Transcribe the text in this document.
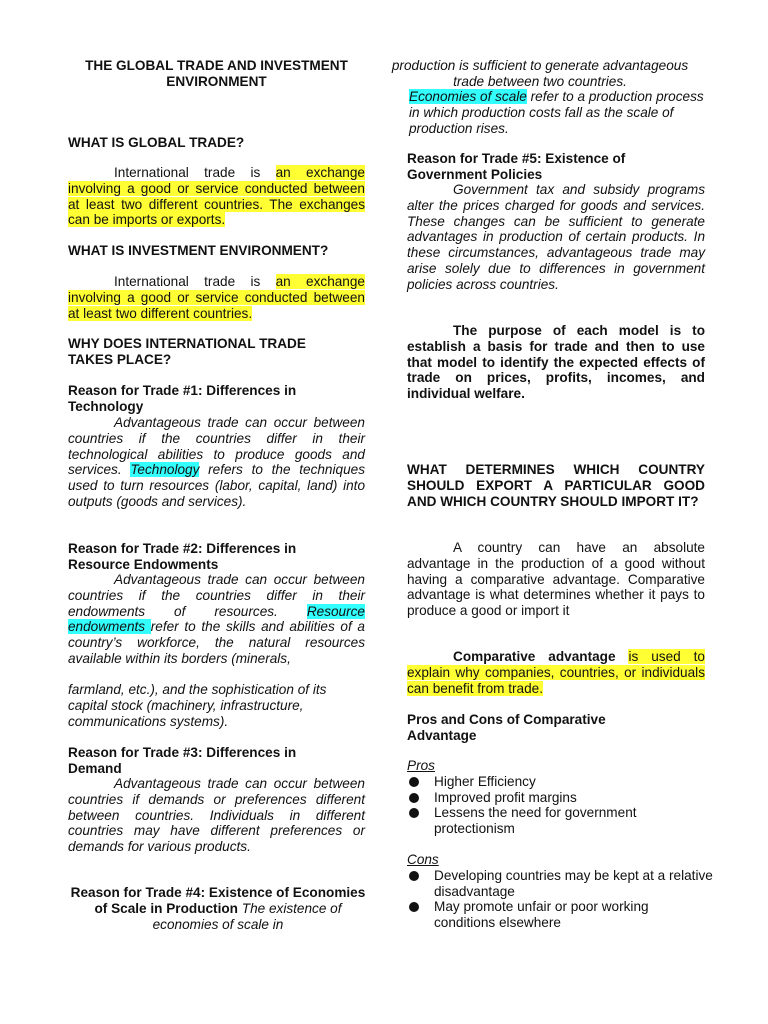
THE GLOBAL TRADE AND INVESTMENT
ENVIRONMENT
WHAT IS GLOBAL TRADE?
International trade is an exchange involving a good or service conducted between at least two different countries. The exchanges can be imports or exports.
WHAT IS INVESTMENT ENVIRONMENT?
International trade is an exchange involving a good or service conducted between at least two different countries.
WHY DOES INTERNATIONAL TRADE
TAKES PLACE?
Reason for Trade #1: Differences in Technology
Advantageous trade can occur between countries if the countries differ in their technological abilities to produce goods and services. Technology refers to the techniques used to turn resources (labor, capital, land) into outputs (goods and services).
Reason for Trade #2: Differences in Resource Endowments
Advantageous trade can occur between countries if the countries differ in their endowments of resources. Resource endowments refer to the skills and abilities of a country’s workforce, the natural resources available within its borders (minerals,
farmland, etc.), and the sophistication of its capital stock (machinery, infrastructure, communications systems).
Reason for Trade #3: Differences in Demand
Advantageous trade can occur between countries if demands or preferences different between countries. Individuals in different countries may have different preferences or demands for various products.
Reason for Trade #4: Existence of Economies of Scale in Production The existence of economies of scale in
production is sufficient to generate advantageous trade between two countries.
Economies of scale refer to a production process in which production costs fall as the scale of production rises.
Reason for Trade #5: Existence of Government Policies
Government tax and subsidy programs alter the prices charged for goods and services. These changes can be sufficient to generate advantages in production of certain products. In these circumstances, advantageous trade may arise solely due to differences in government policies across countries.
The purpose of each model is to establish a basis for trade and then to use that model to identify the expected effects of trade on prices, profits, incomes, and individual welfare.
WHAT DETERMINES WHICH COUNTRY SHOULD EXPORT A PARTICULAR GOOD AND WHICH COUNTRY SHOULD IMPORT IT?
A country can have an absolute advantage in the production of a good without having a comparative advantage. Comparative advantage is what determines whether it pays to produce a good or import it
Comparative advantage is used to explain why companies, countries, or individuals can benefit from trade.
Pros and Cons of Comparative Advantage
Pros
Higher Efficiency
Improved profit margins
Lessens the need for government protectionism
Cons
Developing countries may be kept at a relative disadvantage
May promote unfair or poor working conditions elsewhere
